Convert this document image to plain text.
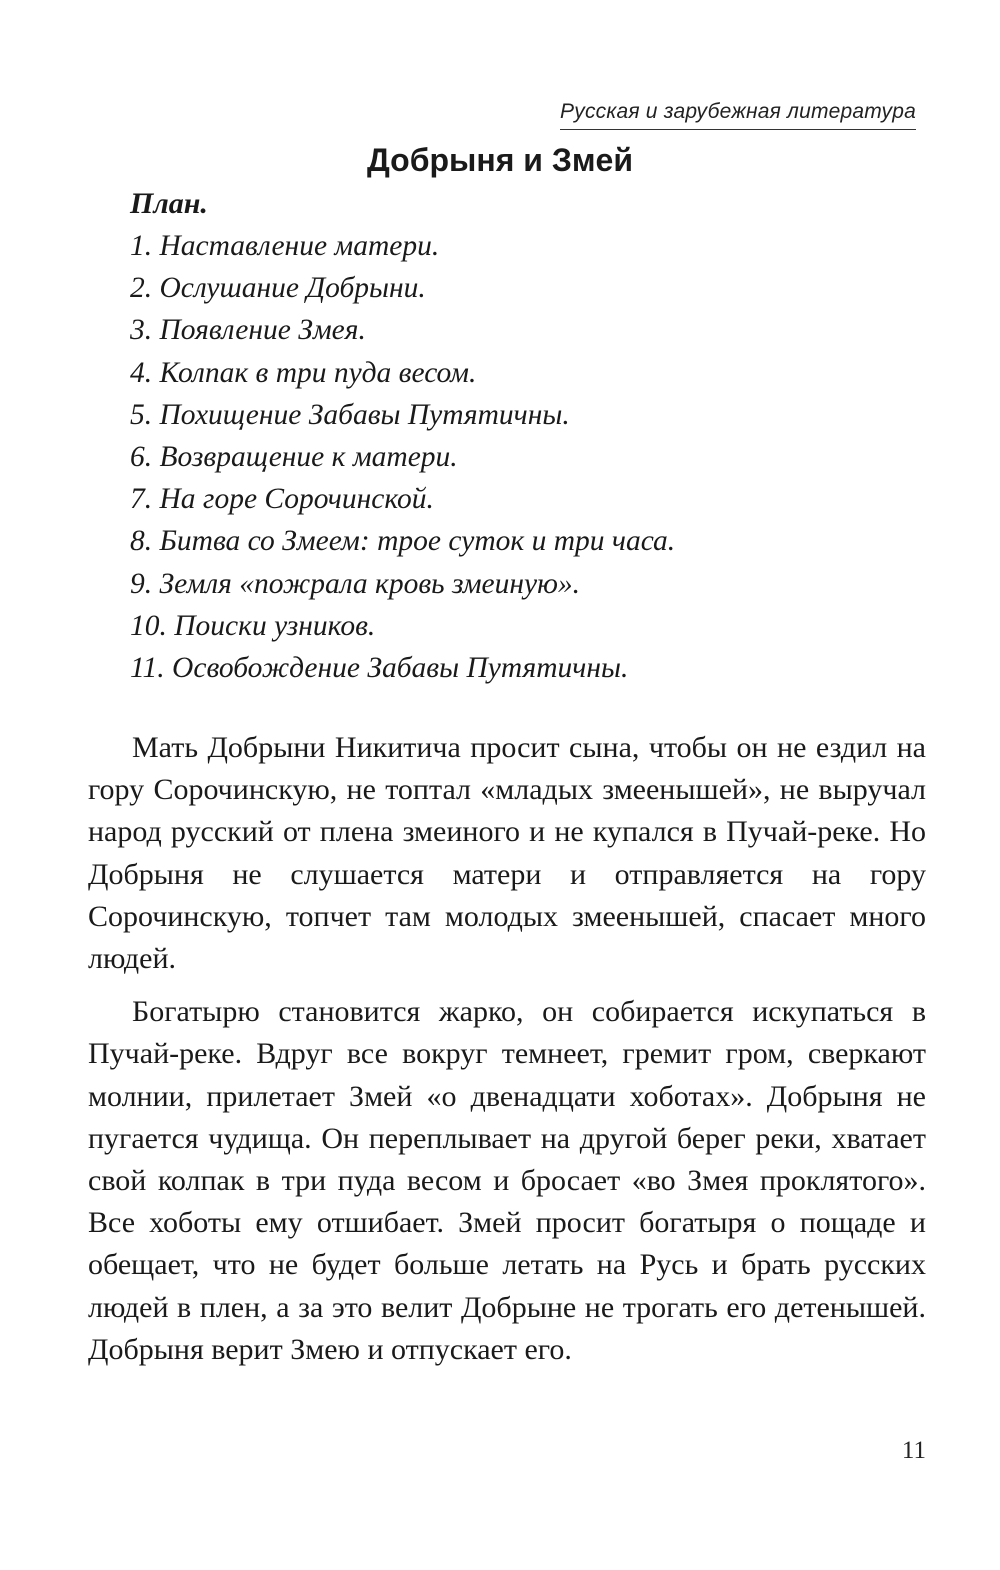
Русская и зарубежная литература
Добрыня и Змей
План.
1. Наставление матери.
2. Ослушание Добрыни.
3. Появление Змея.
4. Колпак в три пуда весом.
5. Похищение Забавы Путятичны.
6. Возвращение к матери.
7. На горе Сорочинской.
8. Битва со Змеем: трое суток и три часа.
9. Земля «пожрала кровь змеиную».
10. Поиски узников.
11. Освобождение Забавы Путятичны.

Мать Добрыни Никитича просит сына, чтобы он не ездил на гору Сорочинскую, не топтал «младых змеенышей», не выручал народ русский от плена змеиного и не купался в Пучай-реке. Но Добрыня не слушается матери и отправляется на гору Сорочинскую, топчет там молодых змеенышей, спасает много людей.

Богатырю становится жарко, он собирается искупаться в Пучай-реке. Вдруг все вокруг темнеет, гремит гром, сверкают молнии, прилетает Змей «о двенадцати хоботах». Добрыня не пугается чудища. Он переплывает на другой берег реки, хватает свой колпак в три пуда весом и бросает «во Змея проклятого». Все хоботы ему отшибает. Змей просит богатыря о пощаде и обещает, что не будет больше летать на Русь и брать русских людей в плен, а за это велит Добрыне не трогать его детенышей. Добрыня верит Змею и отпускает его.

11
